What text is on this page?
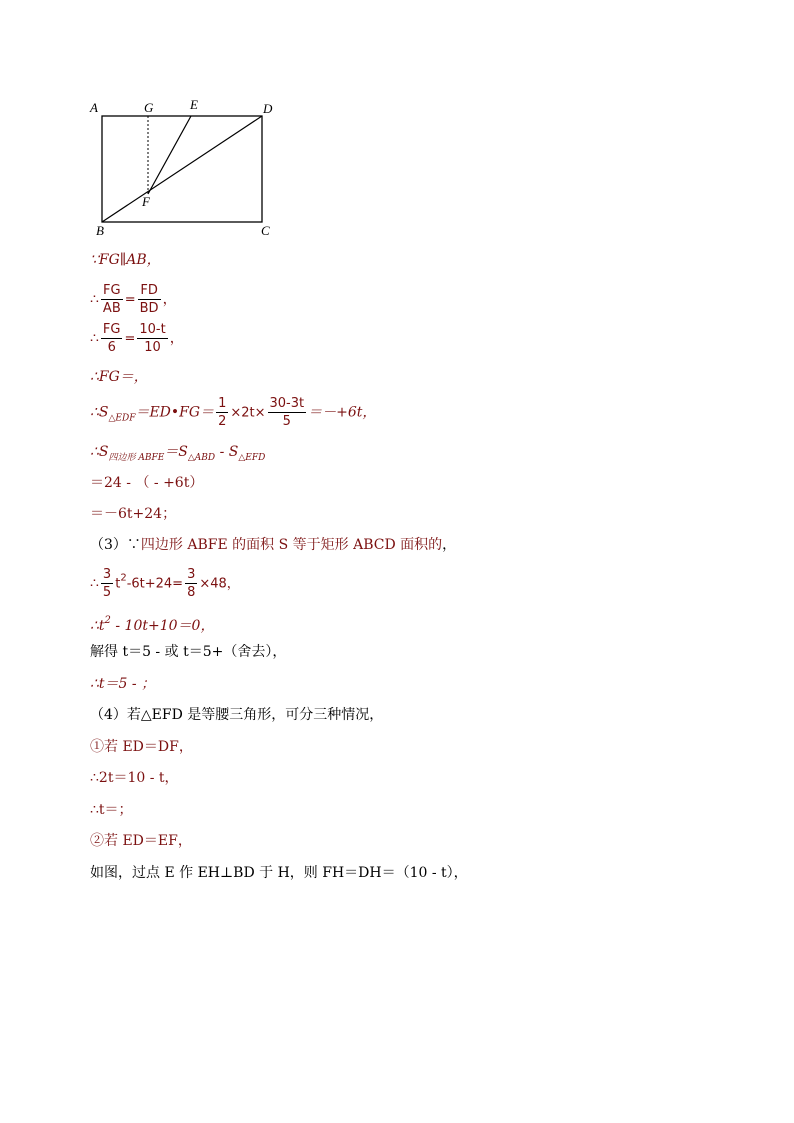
A	G	E	D
F
B	C
∵FG∥AB，
∴ $\frac{FG}{AB} = \frac{FD}{BD}$ ，
∴ $\frac{FG}{6} = \frac{10-t}{10}$ ，
∴FG＝，
$\therefore S_{\triangle EDF}=ED•FG= \frac{1}{2} \times 2t\times \frac{30-3t}{5} =-+6t$，
$\therefore S_{四边形 ABFE}=S_{\triangle ABD} - S_{\triangle EFD}$
＝24 - （ - +6t）
＝－6t+24；
（3）∵四边形 ABFE 的面积 S 等于矩形 ABCD 面积的，
∴ $\frac{3}{5} t^2-6t+24= \frac{3}{8} \times 48$，
$\therefore t^2 - 10t+10=0$，
解得 t＝5 - 或 t＝5+（舍去），
∴t＝5 - ；
（4）若△EFD 是等腰三角形，可分三种情况，
①若 ED＝DF，
∴2t＝10 - t，
∴t＝；
②若 ED＝EF，
如图，过点 E 作 EH⊥BD 于 H，则 FH＝DH＝（10 - t），
